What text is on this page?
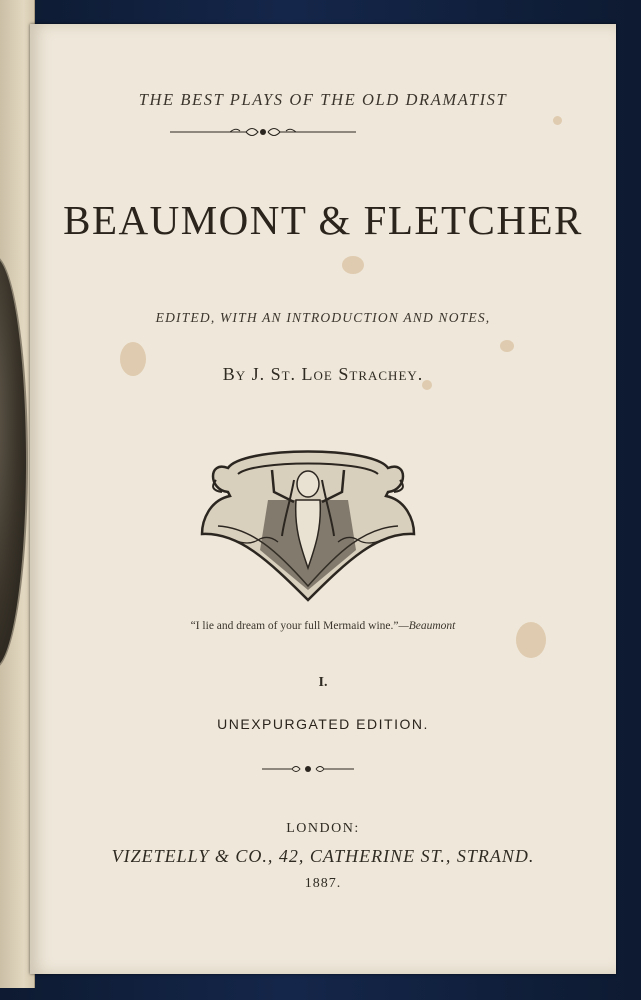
THE BEST PLAYS OF THE OLD DRAMATIST
BEAUMONT & FLETCHER
EDITED, WITH AN INTRODUCTION AND NOTES,
By J. St. Loe Strachey.
“I lie and dream of your full Mermaid wine.”—Beaumont
I.
UNEXPURGATED EDITION.
LONDON:
VIZETELLY & CO., 42, CATHERINE ST., STRAND.
1887.
